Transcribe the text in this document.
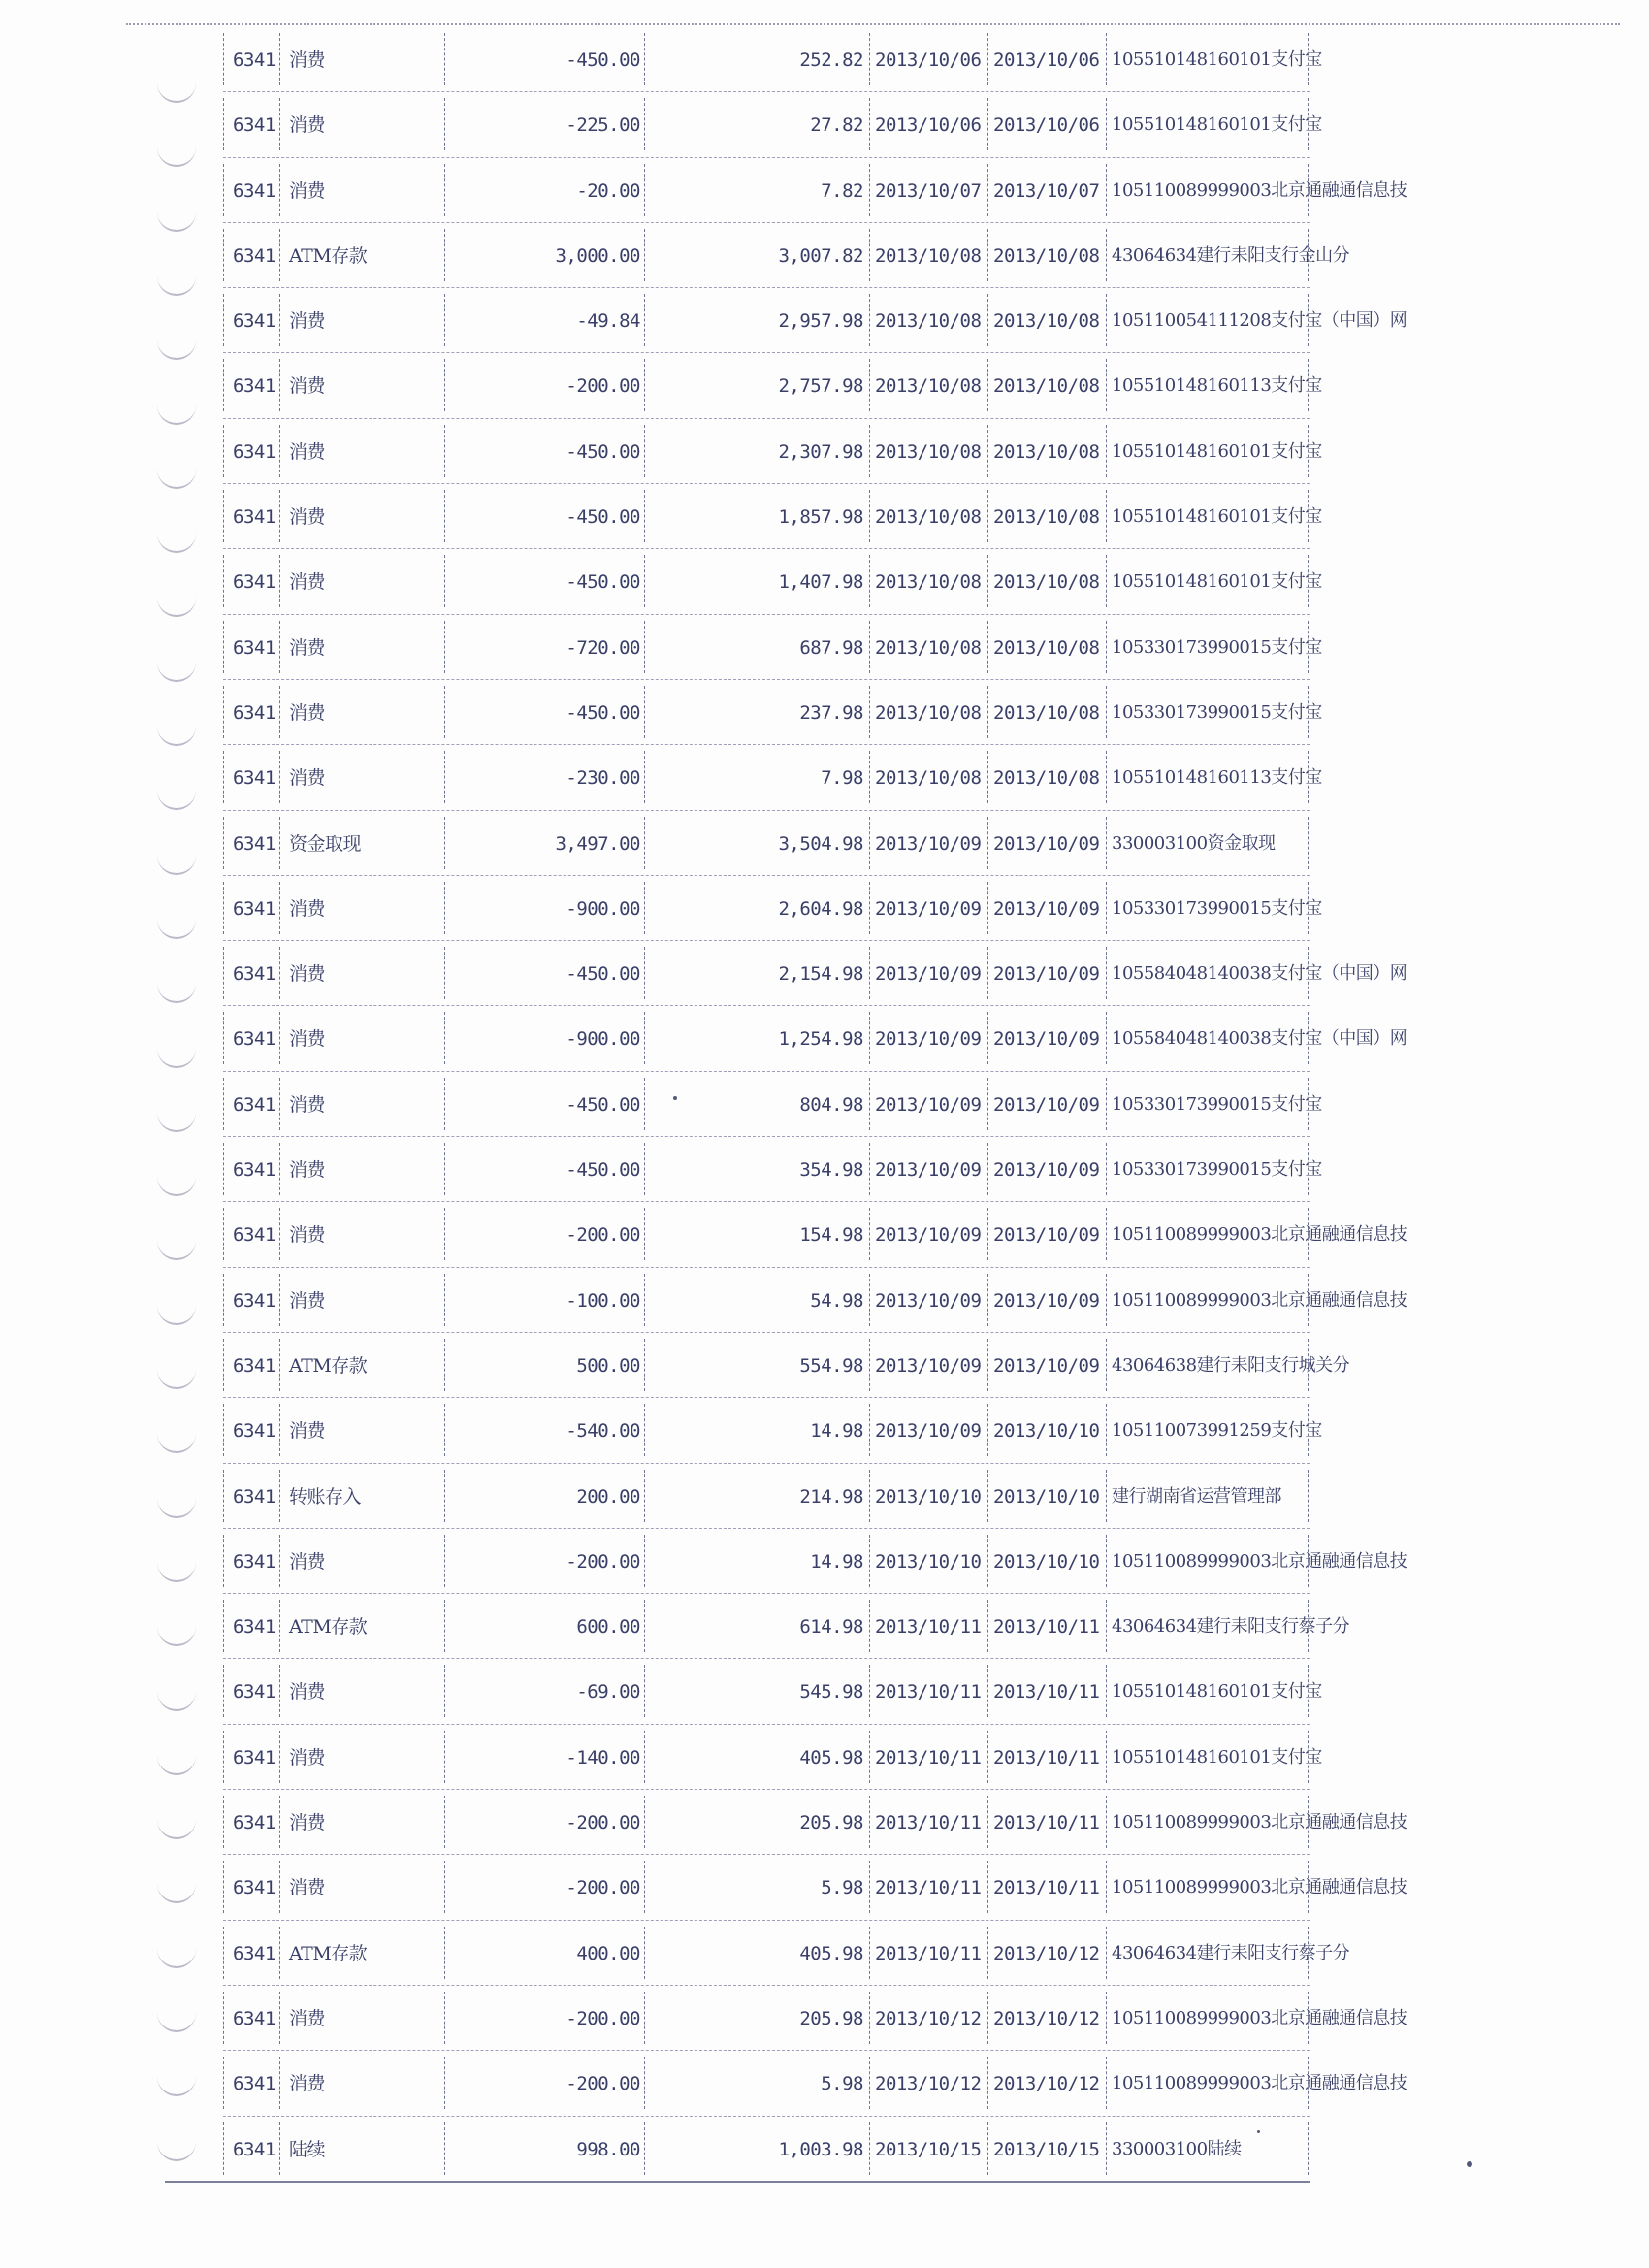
6341 消费	-450.00	252.82 2013/10/06 2013/10/06 105510148160101支付宝
6341 消费	-225.00	27.82 2013/10/06 2013/10/06 105510148160101支付宝
6341 消费	-20.00	7.82 2013/10/07 2013/10/07 105110089999003北京通融通信息技
6341 ATM存款	3,000.00	3,007.82 2013/10/08 2013/10/08 43064634建行耒阳支行金山分
6341 消费	-49.84	2,957.98 2013/10/08 2013/10/08 105110054111208支付宝（中国）网
6341 消费	-200.00	2,757.98 2013/10/08 2013/10/08 105510148160113支付宝
6341 消费	-450.00	2,307.98 2013/10/08 2013/10/08 105510148160101支付宝
6341 消费	-450.00	1,857.98 2013/10/08 2013/10/08 105510148160101支付宝
6341 消费	-450.00	1,407.98 2013/10/08 2013/10/08 105510148160101支付宝
6341 消费	-720.00	687.98 2013/10/08 2013/10/08 105330173990015支付宝
6341 消费	-450.00	237.98 2013/10/08 2013/10/08 105330173990015支付宝
6341 消费	-230.00	7.98 2013/10/08 2013/10/08 105510148160113支付宝
6341 资金取现	3,497.00	3,504.98 2013/10/09 2013/10/09 330003100资金取现
6341 消费	-900.00	2,604.98 2013/10/09 2013/10/09 105330173990015支付宝
6341 消费	-450.00	2,154.98 2013/10/09 2013/10/09 105584048140038支付宝（中国）网
6341 消费	-900.00	1,254.98 2013/10/09 2013/10/09 105584048140038支付宝（中国）网
6341 消费	-450.00	804.98 2013/10/09 2013/10/09 105330173990015支付宝
6341 消费	-450.00	354.98 2013/10/09 2013/10/09 105330173990015支付宝
6341 消费	-200.00	154.98 2013/10/09 2013/10/09 105110089999003北京通融通信息技
6341 消费	-100.00	54.98 2013/10/09 2013/10/09 105110089999003北京通融通信息技
6341 ATM存款	500.00	554.98 2013/10/09 2013/10/09 43064638建行耒阳支行城关分
6341 消费	-540.00	14.98 2013/10/09 2013/10/10 105110073991259支付宝
6341 转账存入	200.00	214.98 2013/10/10 2013/10/10 建行湖南省运营管理部
6341 消费	-200.00	14.98 2013/10/10 2013/10/10 105110089999003北京通融通信息技
6341 ATM存款	600.00	614.98 2013/10/11 2013/10/11 43064634建行耒阳支行蔡子分
6341 消费	-69.00	545.98 2013/10/11 2013/10/11 105510148160101支付宝
6341 消费	-140.00	405.98 2013/10/11 2013/10/11 105510148160101支付宝
6341 消费	-200.00	205.98 2013/10/11 2013/10/11 105110089999003北京通融通信息技
6341 消费	-200.00	5.98 2013/10/11 2013/10/11 105110089999003北京通融通信息技
6341 ATM存款	400.00	405.98 2013/10/11 2013/10/12 43064634建行耒阳支行蔡子分
6341 消费	-200.00	205.98 2013/10/12 2013/10/12 105110089999003北京通融通信息技
6341 消费	-200.00	5.98 2013/10/12 2013/10/12 105110089999003北京通融通信息技
6341 陆续	998.00	1,003.98 2013/10/15 2013/10/15 330003100陆续
